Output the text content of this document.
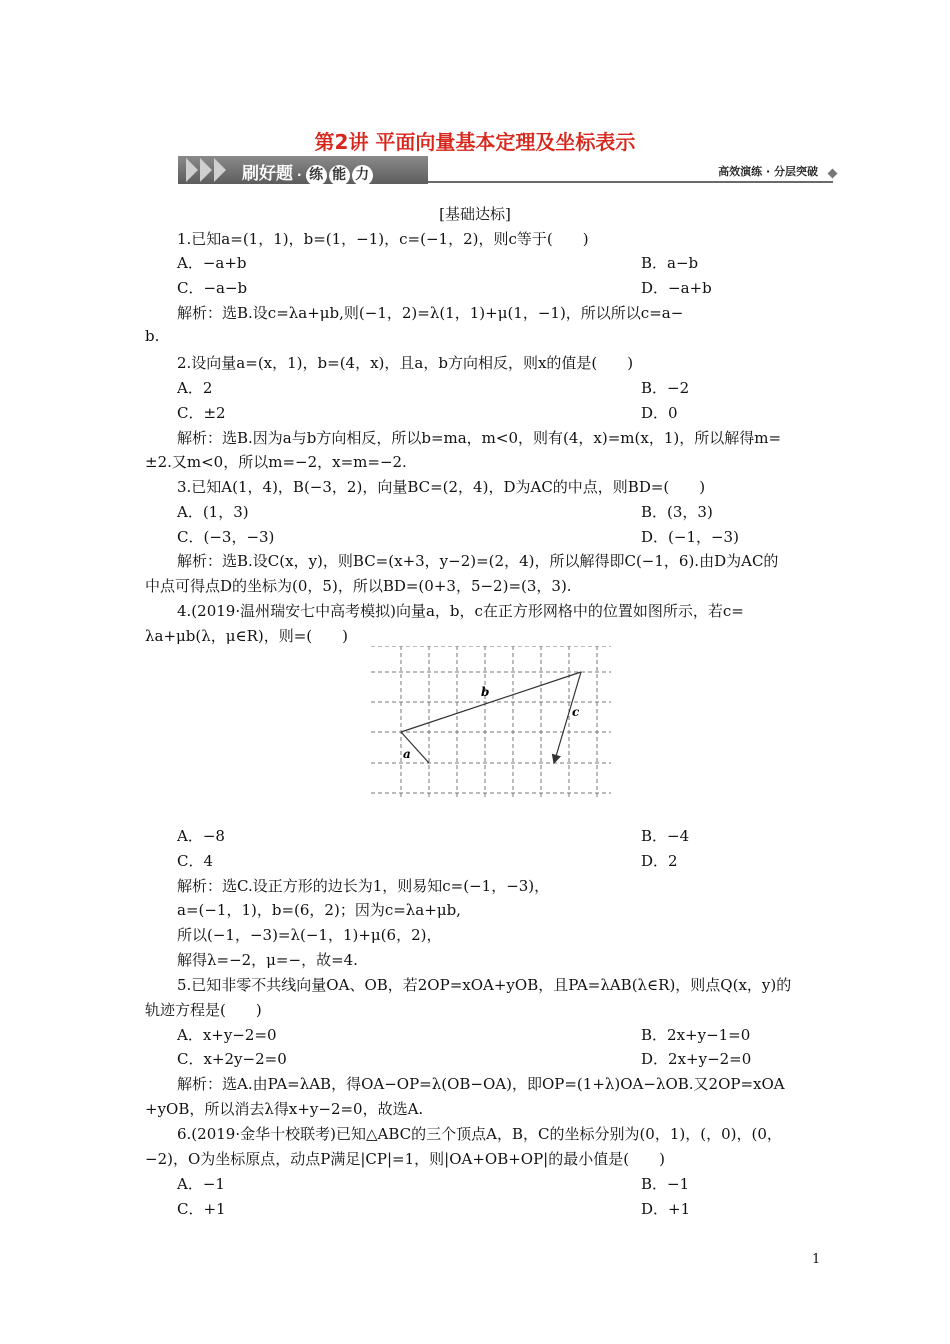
第2讲 平面向量基本定理及坐标表示
刷好题 · 练 能 力	高效演练 · 分层突破
[基础达标]
1.已知a=(1，1)，b=(1，−1)，c=(−1，2)，则c等于(　　)
A．−a+b	B．a−b
C．−a−b	D．−a+b
解析：选B.设c=λa+μb,则(−1，2)=λ(1，1)+μ(1，−1)，所以所以c=a−
b.
2.设向量a=(x，1)，b=(4，x)，且a，b方向相反，则x的值是(　　)
A．2	B．−2
C．±2	D．0
解析：选B.因为a与b方向相反，所以b=ma，m<0，则有(4，x)=m(x，1)，所以解得m=
±2.又m<0，所以m=−2，x=m=−2.
3.已知A(1，4)，B(−3，2)，向量BC=(2，4)，D为AC的中点，则BD=(　　)
A．(1，3)	B．(3，3)
C．(−3，−3)	D．(−1，−3)
解析：选B.设C(x，y)，则BC=(x+3，y−2)=(2，4)，所以解得即C(−1，6).由D为AC的
中点可得点D的坐标为(0，5)，所以BD=(0+3，5−2)=(3，3).
4.(2019·温州瑞安七中高考模拟)向量a，b，c在正方形网格中的位置如图所示，若c=
λa+μb(λ，μ∈R)，则=(　　)
a
b
c
A．−8	B．−4
C．4	D．2
解析：选C.设正方形的边长为1，则易知c=(−1，−3)，
a=(−1，1)，b=(6，2)；因为c=λa+μb,
所以(−1，−3)=λ(−1，1)+μ(6，2)，
解得λ=−2，μ=−，故=4.
5.已知非零不共线向量OA、OB，若2OP=xOA+yOB，且PA=λAB(λ∈R)，则点Q(x，y)的
轨迹方程是(　　)
A．x+y−2=0	B．2x+y−1=0
C．x+2y−2=0	D．2x+y−2=0
解析：选A.由PA=λAB，得OA−OP=λ(OB−OA)，即OP=(1+λ)OA−λOB.又2OP=xOA
+yOB，所以消去λ得x+y−2=0，故选A.
6.(2019·金华十校联考)已知△ABC的三个顶点A，B，C的坐标分别为(0，1)，(，0)，(0，
−2)，O为坐标原点，动点P满足|CP|=1，则|OA+OB+OP|的最小值是(　　)
A．−1	B．−1
C．+1	D．+1
1
